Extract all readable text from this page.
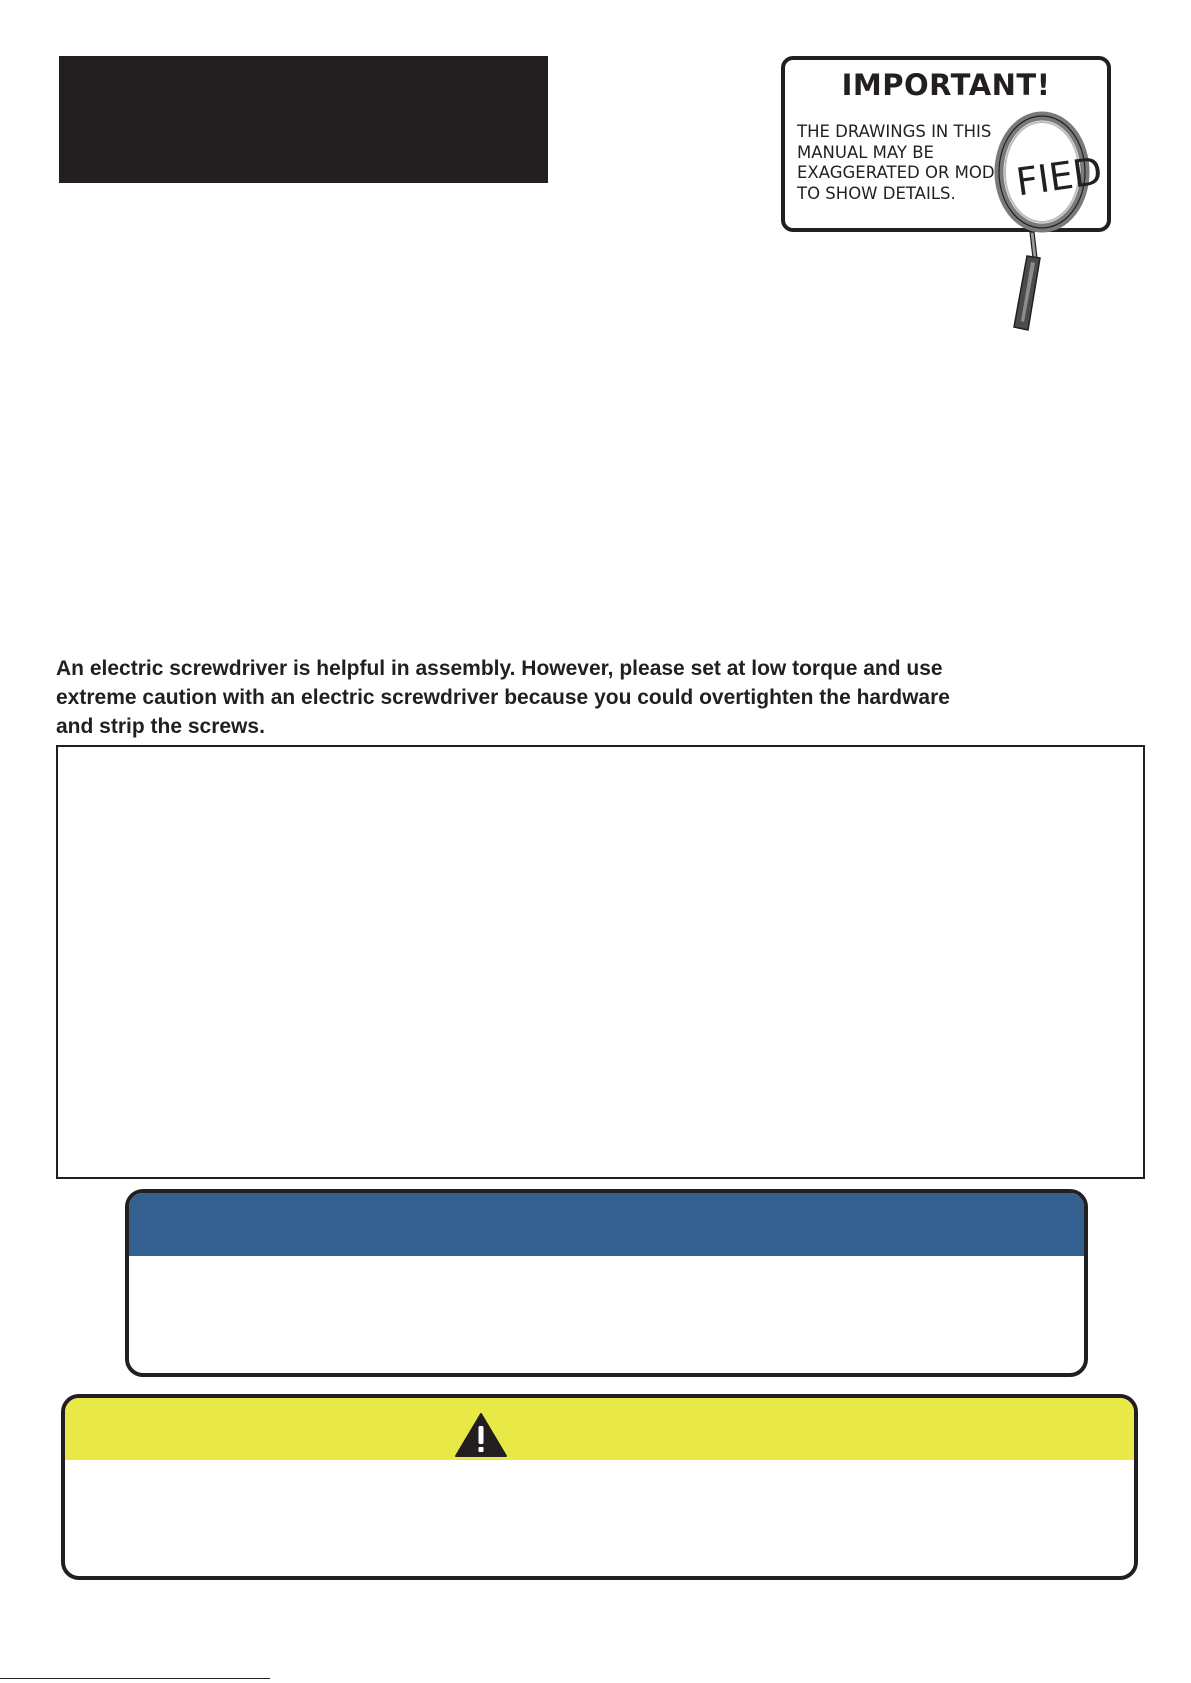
IMPORTANT!
THE DRAWINGS IN THIS
MANUAL MAY BE
EXAGGERATED OR MODI
TO SHOW DETAILS.	FIED
An electric screwdriver is helpful in assembly. However, please set at low torque and use
extreme caution with an electric screwdriver because you could overtighten the hardware
and strip the screws.
